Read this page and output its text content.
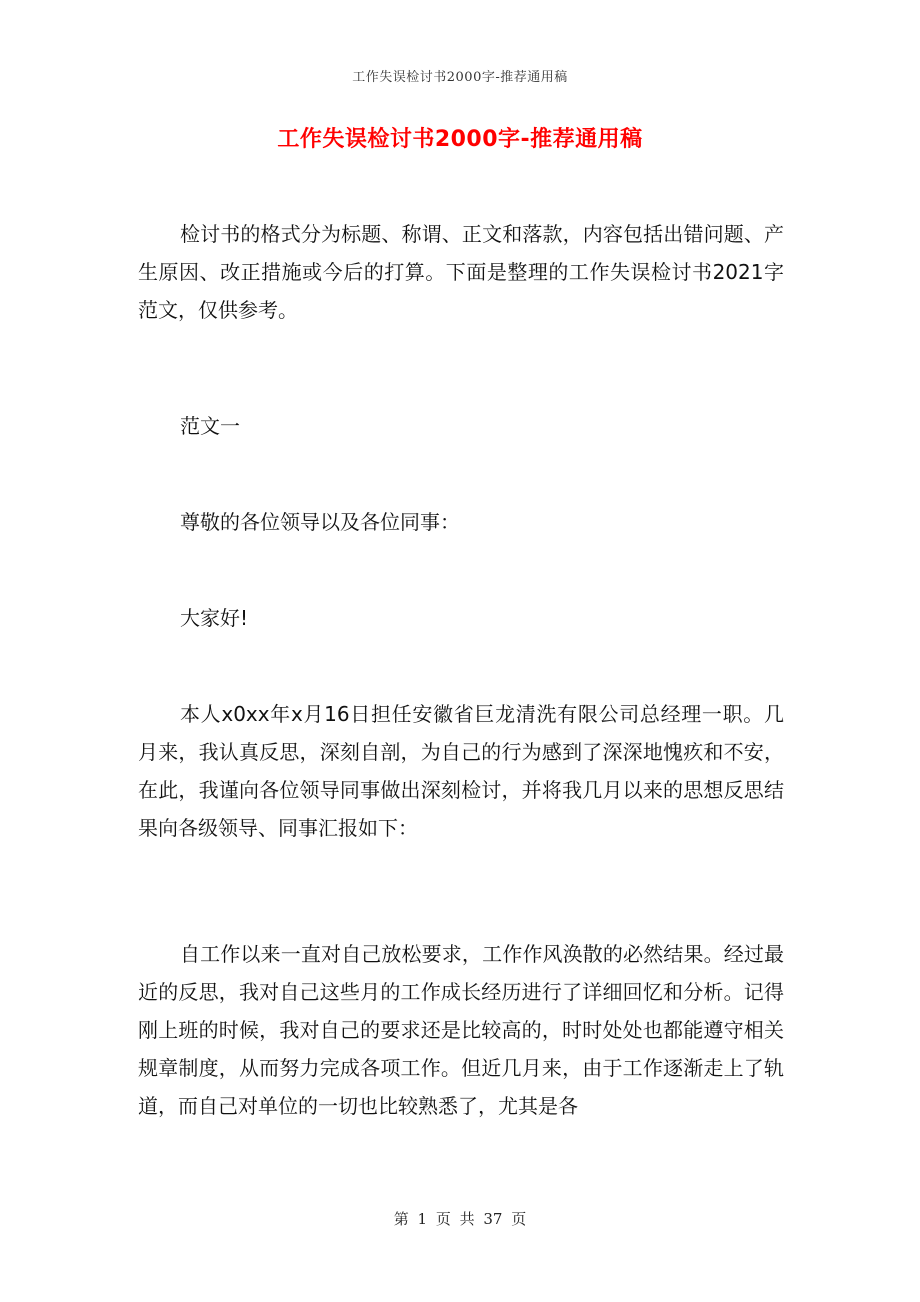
工作失误检讨书2000字-推荐通用稿
工作失误检讨书2000字-推荐通用稿

检讨书的格式分为标题、称谓、正文和落款，内容包括出错问题、产生原因、改正措施或今后的打算。下面是整理的工作失误检讨书2021字范文，仅供参考。

范文一

尊敬的各位领导以及各位同事：

大家好!

本人x0xx年x月16日担任安徽省巨龙清洗有限公司总经理一职。几月来，我认真反思，深刻自剖，为自己的行为感到了深深地愧疚和不安，在此，我谨向各位领导同事做出深刻检讨，并将我几月以来的思想反思结果向各级领导、同事汇报如下：

自工作以来一直对自己放松要求，工作作风涣散的必然结果。经过最近的反思，我对自己这些月的工作成长经历进行了详细回忆和分析。记得刚上班的时候，我对自己的要求还是比较高的，时时处处也都能遵守相关规章制度，从而努力完成各项工作。但近几月来，由于工作逐渐走上了轨道，而自己对单位的一切也比较熟悉了，尤其是各

第 1 页 共 37 页
